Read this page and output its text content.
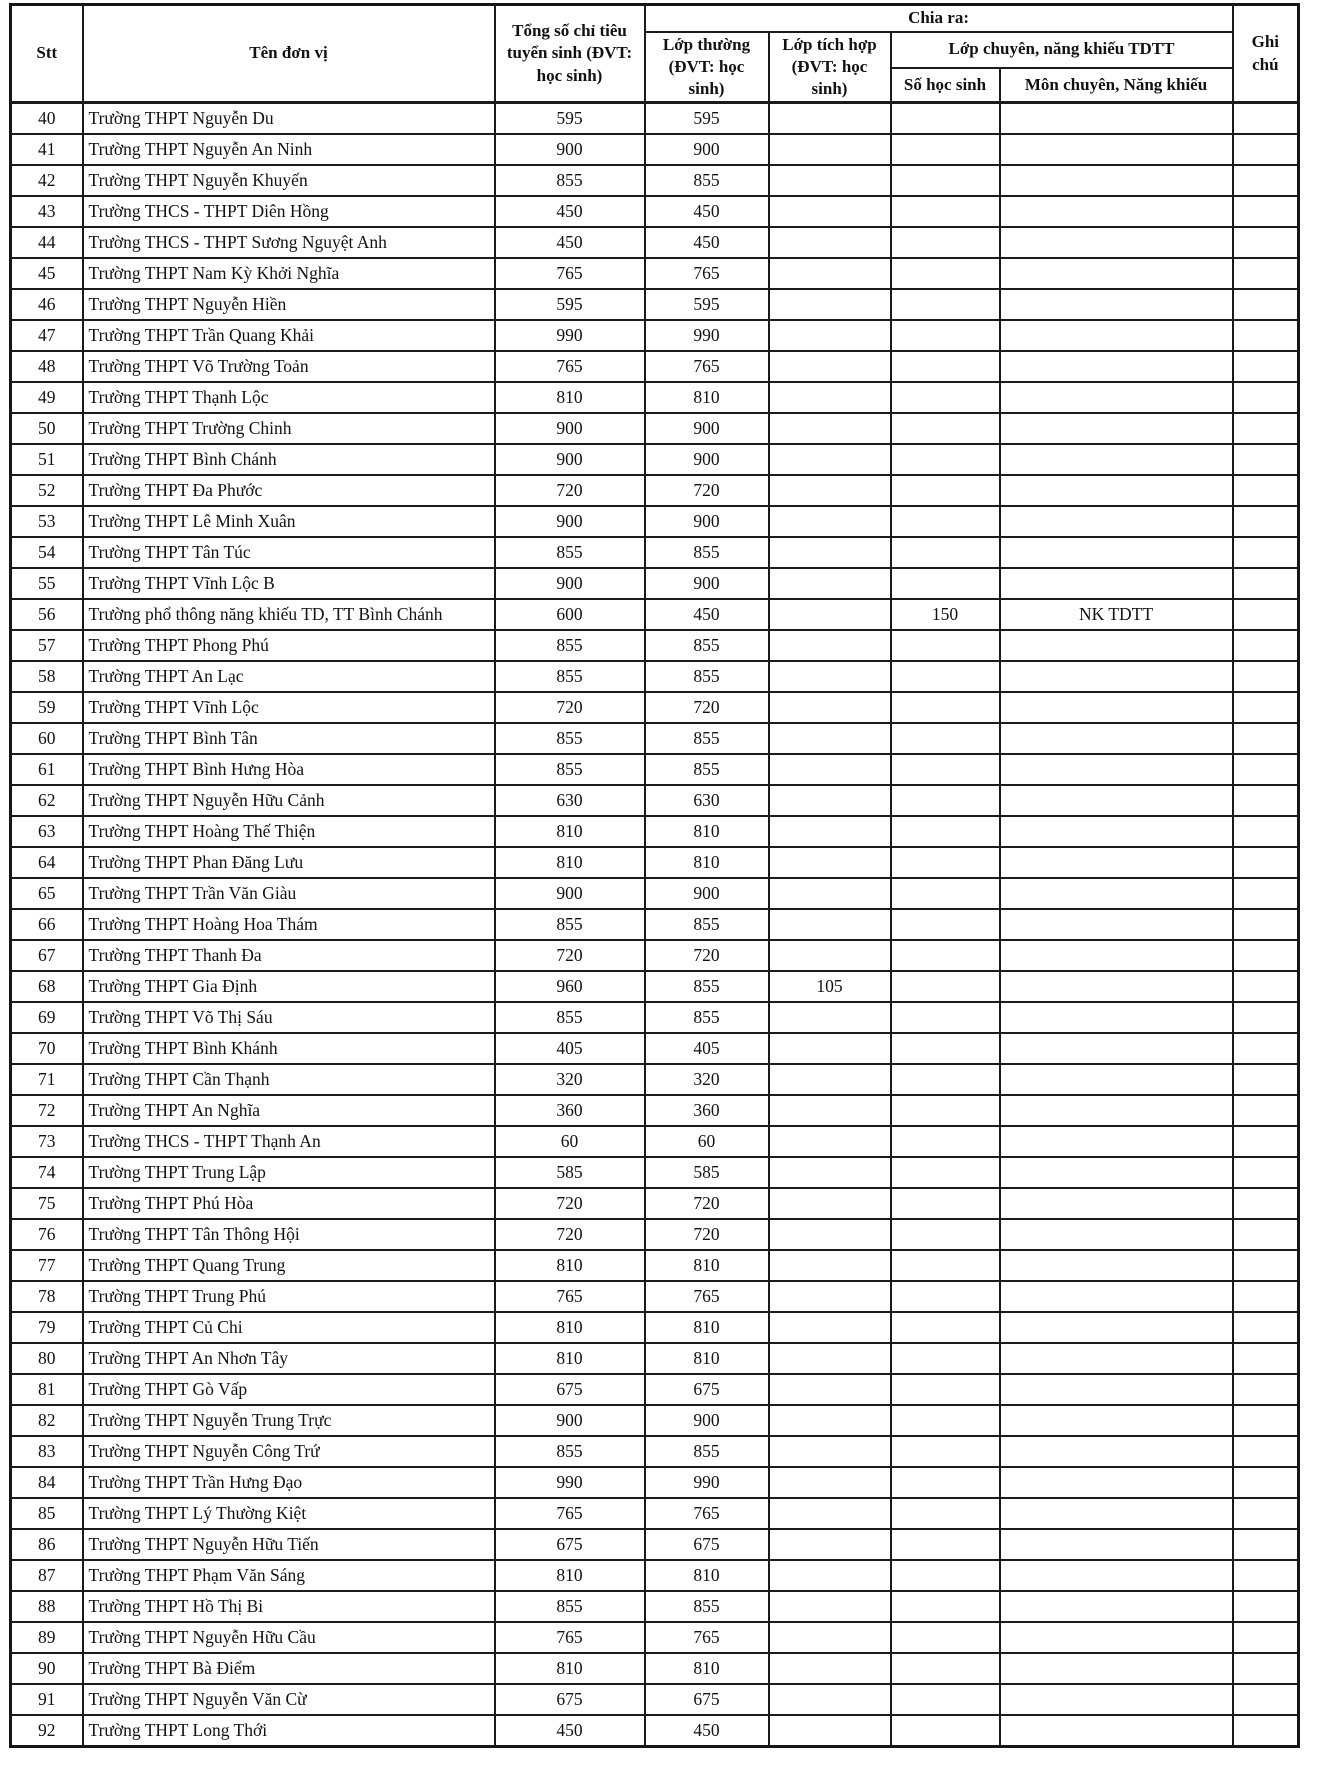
Stt	Tên đơn vị	Tổng số chỉ tiêu tuyển sinh (ĐVT: học sinh)	Chia ra:				Ghi chú
			Lớp thường (ĐVT: học sinh)	Lớp tích hợp (ĐVT: học sinh)	Lớp chuyên, năng khiếu TDTT		
					Số học sinh	Môn chuyên, Năng khiếu	
40	Trường THPT Nguyễn Du	595	595				
41	Trường THPT Nguyễn An Ninh	900	900				
42	Trường THPT Nguyễn Khuyến	855	855				
43	Trường THCS - THPT Diên Hồng	450	450				
44	Trường THCS - THPT Sương Nguyệt Anh	450	450				
45	Trường THPT Nam Kỳ Khởi Nghĩa	765	765				
46	Trường THPT Nguyễn Hiền	595	595				
47	Trường THPT Trần Quang Khải	990	990				
48	Trường THPT Võ Trường Toản	765	765				
49	Trường THPT Thạnh Lộc	810	810				
50	Trường THPT Trường Chinh	900	900				
51	Trường THPT Bình Chánh	900	900				
52	Trường THPT Đa Phước	720	720				
53	Trường THPT Lê Minh Xuân	900	900				
54	Trường THPT Tân Túc	855	855				
55	Trường THPT Vĩnh Lộc B	900	900				
56	Trường phổ thông năng khiếu TD, TT Bình Chánh	600	450		150	NK TDTT	
57	Trường THPT Phong Phú	855	855				
58	Trường THPT An Lạc	855	855				
59	Trường THPT Vĩnh Lộc	720	720				
60	Trường THPT Bình Tân	855	855				
61	Trường THPT Bình Hưng Hòa	855	855				
62	Trường THPT Nguyễn Hữu Cảnh	630	630				
63	Trường THPT Hoàng Thế Thiện	810	810				
64	Trường THPT Phan Đăng Lưu	810	810				
65	Trường THPT Trần Văn Giàu	900	900				
66	Trường THPT Hoàng Hoa Thám	855	855				
67	Trường THPT Thanh Đa	720	720				
68	Trường THPT Gia Định	960	855	105			
69	Trường THPT Võ Thị Sáu	855	855				
70	Trường THPT Bình Khánh	405	405				
71	Trường THPT Cần Thạnh	320	320				
72	Trường THPT An Nghĩa	360	360				
73	Trường THCS - THPT Thạnh An	60	60				
74	Trường THPT Trung Lập	585	585				
75	Trường THPT Phú Hòa	720	720				
76	Trường THPT Tân Thông Hội	720	720				
77	Trường THPT Quang Trung	810	810				
78	Trường THPT Trung Phú	765	765				
79	Trường THPT Củ Chi	810	810				
80	Trường THPT An Nhơn Tây	810	810				
81	Trường THPT Gò Vấp	675	675				
82	Trường THPT Nguyễn Trung Trực	900	900				
83	Trường THPT Nguyễn Công Trứ	855	855				
84	Trường THPT Trần Hưng Đạo	990	990				
85	Trường THPT Lý Thường Kiệt	765	765				
86	Trường THPT Nguyễn Hữu Tiến	675	675				
87	Trường THPT Phạm Văn Sáng	810	810				
88	Trường THPT Hồ Thị Bi	855	855				
89	Trường THPT Nguyễn Hữu Cầu	765	765				
90	Trường THPT Bà Điểm	810	810				
91	Trường THPT Nguyễn Văn Cừ	675	675				
92	Trường THPT Long Thới	450	450				
